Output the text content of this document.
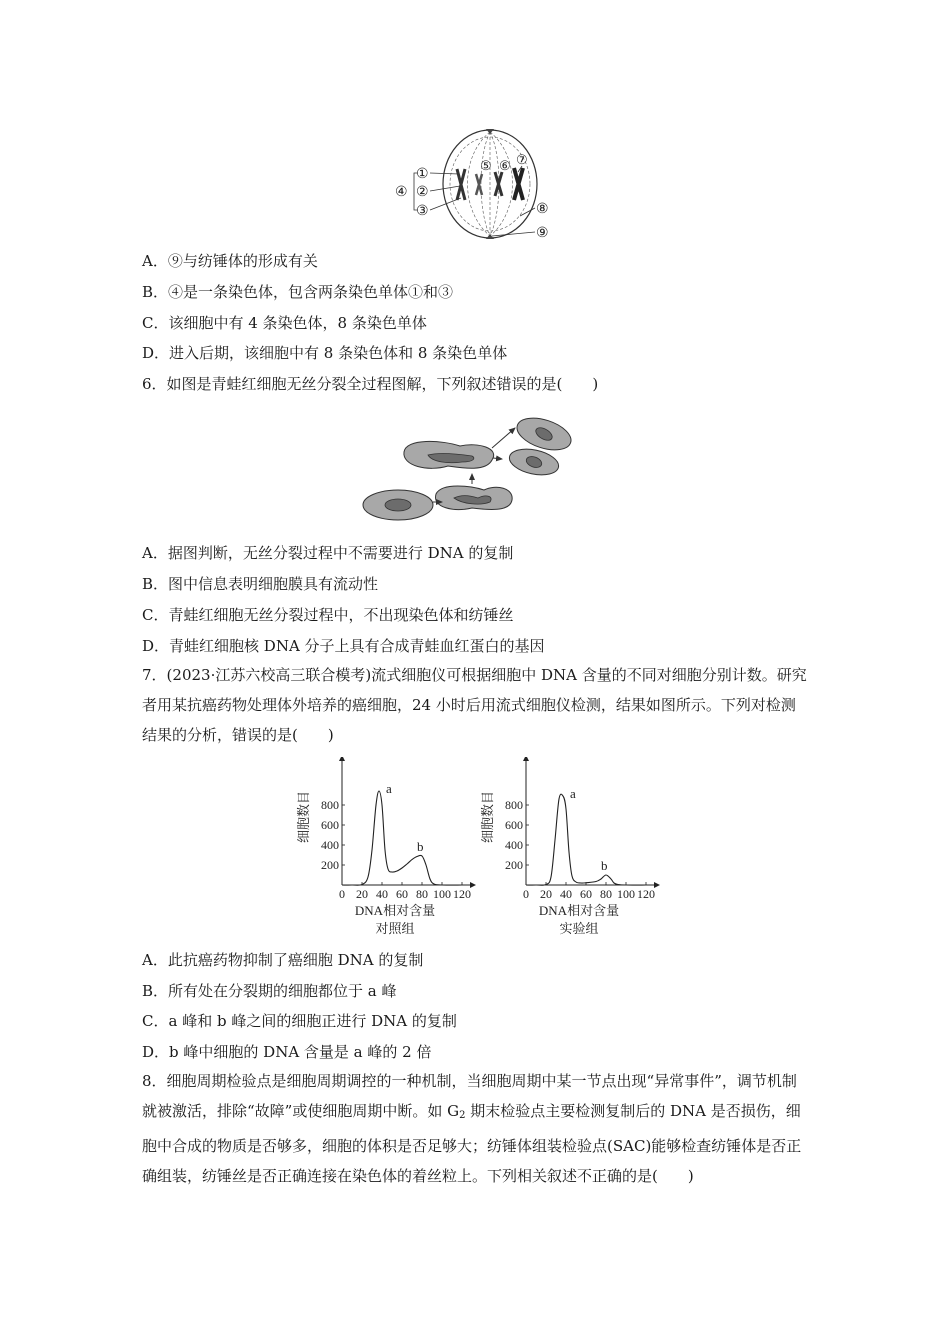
①
②
③
④
⑤ ⑥ ⑦
⑧
⑨
A．⑨与纺锤体的形成有关
B．④是一条染色体，包含两条染色单体①和③
C．该细胞中有 4 条染色体，8 条染色单体
D．进入后期，该细胞中有 8 条染色体和 8 条染色单体
6．如图是青蛙红细胞无丝分裂全过程图解，下列叙述错误的是(　　)
A．据图判断，无丝分裂过程中不需要进行 DNA 的复制
B．图中信息表明细胞膜具有流动性
C．青蛙红细胞无丝分裂过程中，不出现染色体和纺锤丝
D．青蛙红细胞核 DNA 分子上具有合成青蛙血红蛋白的基因
7．(2023·江苏六校高三联合模考)流式细胞仪可根据细胞中 DNA 含量的不同对细胞分别计数。研究者用某抗癌药物处理体外培养的癌细胞，24 小时后用流式细胞仪检测，结果如图所示。下列对检测结果的分析，错误的是(　　)
0 20 40 60 80 100 120
200
400
600
800
细胞数目
DNA相对含量
对照组
a
b
0 20 40 60 80 100 120
200
400
600
800
细胞数目
DNA相对含量
实验组
a
b
A．此抗癌药物抑制了癌细胞 DNA 的复制
B．所有处在分裂期的细胞都位于 a 峰
C．a 峰和 b 峰之间的细胞正进行 DNA 的复制
D．b 峰中细胞的 DNA 含量是 a 峰的 2 倍
8．细胞周期检验点是细胞周期调控的一种机制，当细胞周期中某一节点出现“异常事件”，调节机制就被激活，排除“故障”或使细胞周期中断。如 $G_2$ 期末检验点主要检测复制后的 DNA 是否损伤，细胞中合成的物质是否够多，细胞的体积是否足够大；纺锤体组装检验点(SAC)能够检查纺锤体是否正确组装，纺锤丝是否正确连接在染色体的着丝粒上。下列相关叙述不正确的是(　　)
